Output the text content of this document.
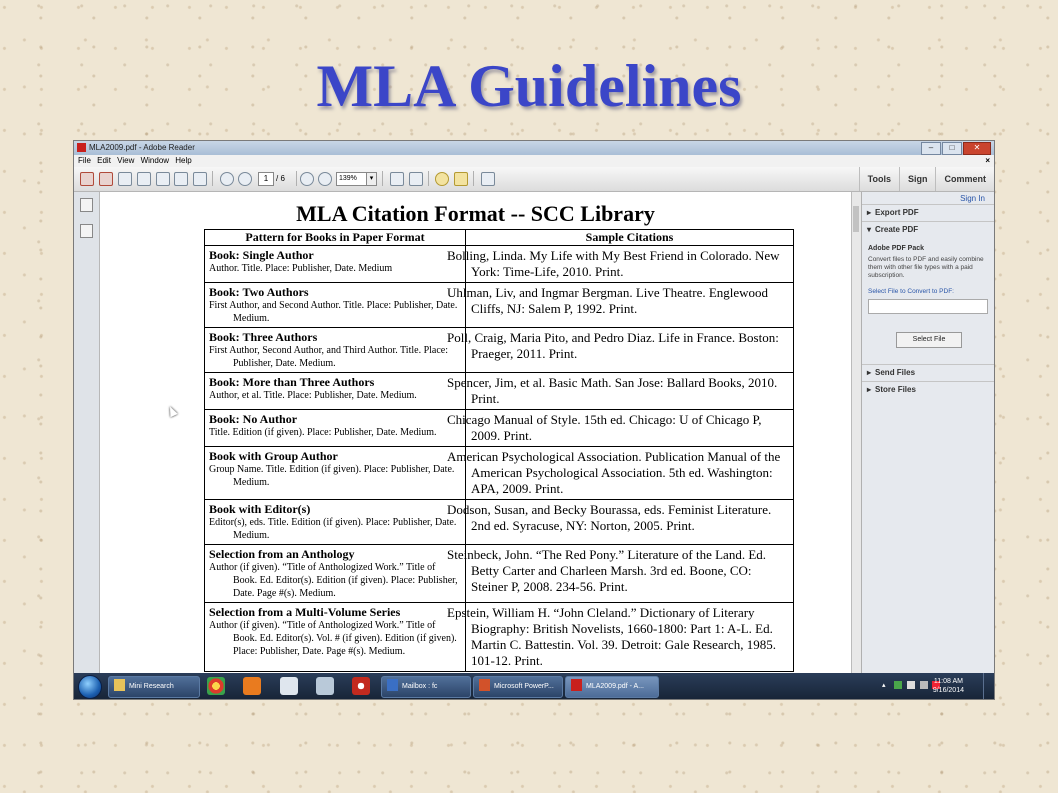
MLA Guidelines
MLA2009.pdf - Adobe Reader	–	□	✕
File Edit View Window Help	×
1 / 6	139%	▾	Tools	Sign	Comment
MLA Citation Format -- SCC Library
Pattern for Books in Paper Format	Sample Citations

Book: Single Author
Author. Title. Place: Publisher, Date. Medium	Bolling, Linda. My Life with My Best Friend in Colorado. New York: Time-Life, 2010. Print.

Book: Two Authors
First Author, and Second Author. Title. Place: Publisher, Date. Medium.	Uhlman, Liv, and Ingmar Bergman. Live Theatre. Englewood Cliffs, NJ: Salem P, 1992. Print.

Book: Three Authors
First Author, Second Author, and Third Author. Title. Place: Publisher, Date. Medium.	Poll, Craig, Maria Pito, and Pedro Diaz. Life in France. Boston: Praeger, 2011. Print.

Book: More than Three Authors
Author, et al. Title. Place: Publisher, Date. Medium.	Spencer, Jim, et al. Basic Math. San Jose: Ballard Books, 2010. Print.

Book: No Author
Title. Edition (if given). Place: Publisher, Date. Medium.	Chicago Manual of Style. 15th ed. Chicago: U of Chicago P, 2009. Print.

Book with Group Author
Group Name. Title. Edition (if given). Place: Publisher, Date. Medium.	American Psychological Association. Publication Manual of the American Psychological Association. 5th ed. Washington: APA, 2009. Print.

Book with Editor(s)
Editor(s), eds. Title. Edition (if given). Place: Publisher, Date. Medium.	Dodson, Susan, and Becky Bourassa, eds. Feminist Literature. 2nd ed. Syracuse, NY: Norton, 2005. Print.

Selection from an Anthology
Author (if given). “Title of Anthologized Work.” Title of Book. Ed. Editor(s). Edition (if given). Place: Publisher, Date. Page #(s). Medium.	Steinbeck, John. “The Red Pony.” Literature of the Land. Ed. Betty Carter and Charleen Marsh. 3rd ed. Boone, CO: Steiner P, 2008. 234-56. Print.

Selection from a Multi-Volume Series
Author (if given). “Title of Anthologized Work.” Title of Book. Ed. Editor(s). Vol. # (if given). Edition (if given). Place: Publisher, Date. Page #(s). Medium.	Epstein, William H. “John Cleland.” Dictionary of Literary Biography: British Novelists, 1660-1800: Part 1: A-L. Ed. Martin C. Battestin. Vol. 39. Detroit: Gale Research, 1985. 101-12. Print.
Sign In
▸ Export PDF
▾ Create PDF
Adobe PDF Pack
Convert files to PDF and easily combine them with other file types with a paid subscription.
Select File to Convert to PDF:
Select File
▸ Send Files
▸ Store Files
Mini Research	Mailbox : fc	Microsoft PowerP...	MLA2009.pdf - A...	▴
11:08 AM
9/16/2014
